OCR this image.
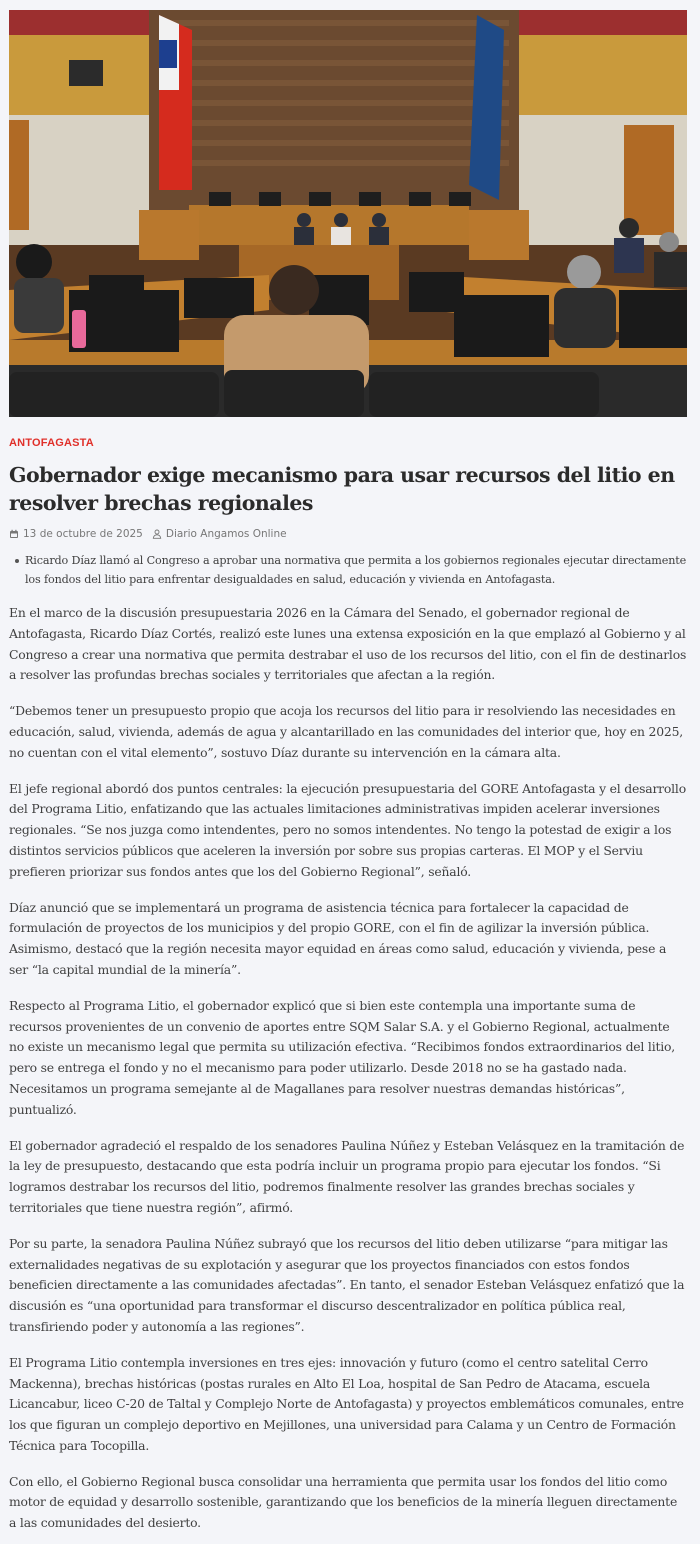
ANTOFAGASTA
Gobernador exige mecanismo para usar recursos del litio en resolver brechas regionales
13 de octubre de 2025 Diario Angamos Online
Ricardo Díaz llamó al Congreso a aprobar una normativa que permita a los gobiernos regionales ejecutar directamente los fondos del litio para enfrentar desigualdades en salud, educación y vivienda en Antofagasta.

En el marco de la discusión presupuestaria 2026 en la Cámara del Senado, el gobernador regional de Antofagasta, Ricardo Díaz Cortés, realizó este lunes una extensa exposición en la que emplazó al Gobierno y al Congreso a crear una normativa que permita destrabar el uso de los recursos del litio, con el fin de destinarlos a resolver las profundas brechas sociales y territoriales que afectan a la región.

“Debemos tener un presupuesto propio que acoja los recursos del litio para ir resolviendo las necesidades en educación, salud, vivienda, además de agua y alcantarillado en las comunidades del interior que, hoy en 2025, no cuentan con el vital elemento”, sostuvo Díaz durante su intervención en la cámara alta.

El jefe regional abordó dos puntos centrales: la ejecución presupuestaria del GORE Antofagasta y el desarrollo del Programa Litio, enfatizando que las actuales limitaciones administrativas impiden acelerar inversiones regionales. “Se nos juzga como intendentes, pero no somos intendentes. No tengo la potestad de exigir a los distintos servicios públicos que aceleren la inversión por sobre sus propias carteras. El MOP y el Serviu prefieren priorizar sus fondos antes que los del Gobierno Regional”, señaló.

Díaz anunció que se implementará un programa de asistencia técnica para fortalecer la capacidad de formulación de proyectos de los municipios y del propio GORE, con el fin de agilizar la inversión pública. Asimismo, destacó que la región necesita mayor equidad en áreas como salud, educación y vivienda, pese a ser “la capital mundial de la minería”.

Respecto al Programa Litio, el gobernador explicó que si bien este contempla una importante suma de recursos provenientes de un convenio de aportes entre SQM Salar S.A. y el Gobierno Regional, actualmente no existe un mecanismo legal que permita su utilización efectiva. “Recibimos fondos extraordinarios del litio, pero se entrega el fondo y no el mecanismo para poder utilizarlo. Desde 2018 no se ha gastado nada. Necesitamos un programa semejante al de Magallanes para resolver nuestras demandas históricas”, puntualizó.

El gobernador agradeció el respaldo de los senadores Paulina Núñez y Esteban Velásquez en la tramitación de la ley de presupuesto, destacando que esta podría incluir un programa propio para ejecutar los fondos. “Si logramos destrabar los recursos del litio, podremos finalmente resolver las grandes brechas sociales y territoriales que tiene nuestra región”, afirmó.

Por su parte, la senadora Paulina Núñez subrayó que los recursos del litio deben utilizarse “para mitigar las externalidades negativas de su explotación y asegurar que los proyectos financiados con estos fondos beneficien directamente a las comunidades afectadas”. En tanto, el senador Esteban Velásquez enfatizó que la discusión es “una oportunidad para transformar el discurso descentralizador en política pública real, transfiriendo poder y autonomía a las regiones”.

El Programa Litio contempla inversiones en tres ejes: innovación y futuro (como el centro satelital Cerro Mackenna), brechas históricas (postas rurales en Alto El Loa, hospital de San Pedro de Atacama, escuela Licancabur, liceo C-20 de Taltal y Complejo Norte de Antofagasta) y proyectos emblemáticos comunales, entre los que figuran un complejo deportivo en Mejillones, una universidad para Calama y un Centro de Formación Técnica para Tocopilla.

Con ello, el Gobierno Regional busca consolidar una herramienta que permita usar los fondos del litio como motor de equidad y desarrollo sostenible, garantizando que los beneficios de la minería lleguen directamente a las comunidades del desierto.
